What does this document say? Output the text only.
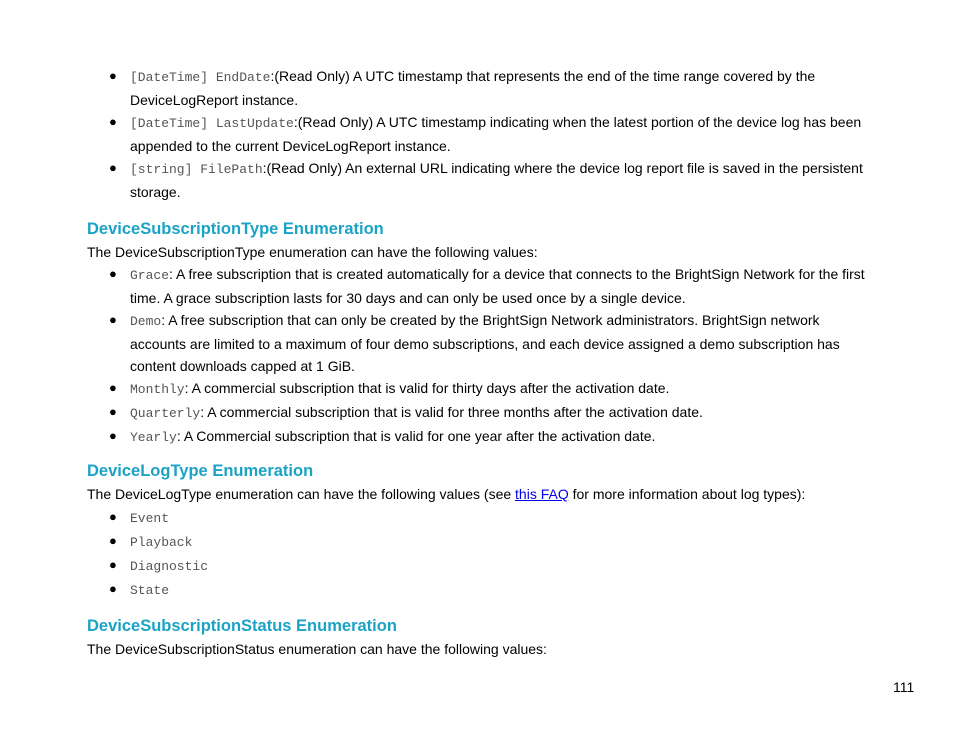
● [DateTime] EndDate:(Read Only) A UTC timestamp that represents the end of the time range covered by the DeviceLogReport instance.
● [DateTime] LastUpdate:(Read Only) A UTC timestamp indicating when the latest portion of the device log has been appended to the current DeviceLogReport instance.
● [string] FilePath:(Read Only) An external URL indicating where the device log report file is saved in the persistent storage.
DeviceSubscriptionType Enumeration

The DeviceSubscriptionType enumeration can have the following values:

● Grace: A free subscription that is created automatically for a device that connects to the BrightSign Network for the first time. A grace subscription lasts for 30 days and can only be used once by a single device.
● Demo: A free subscription that can only be created by the BrightSign Network administrators. BrightSign network accounts are limited to a maximum of four demo subscriptions, and each device assigned a demo subscription has content downloads capped at 1 GiB.
● Monthly: A commercial subscription that is valid for thirty days after the activation date.
● Quarterly: A commercial subscription that is valid for three months after the activation date.
● Yearly: A Commercial subscription that is valid for one year after the activation date.
DeviceLogType Enumeration

The DeviceLogType enumeration can have the following values (see this FAQ for more information about log types):

● Event
● Playback
● Diagnostic
● State
DeviceSubscriptionStatus Enumeration

The DeviceSubscriptionStatus enumeration can have the following values:

111
